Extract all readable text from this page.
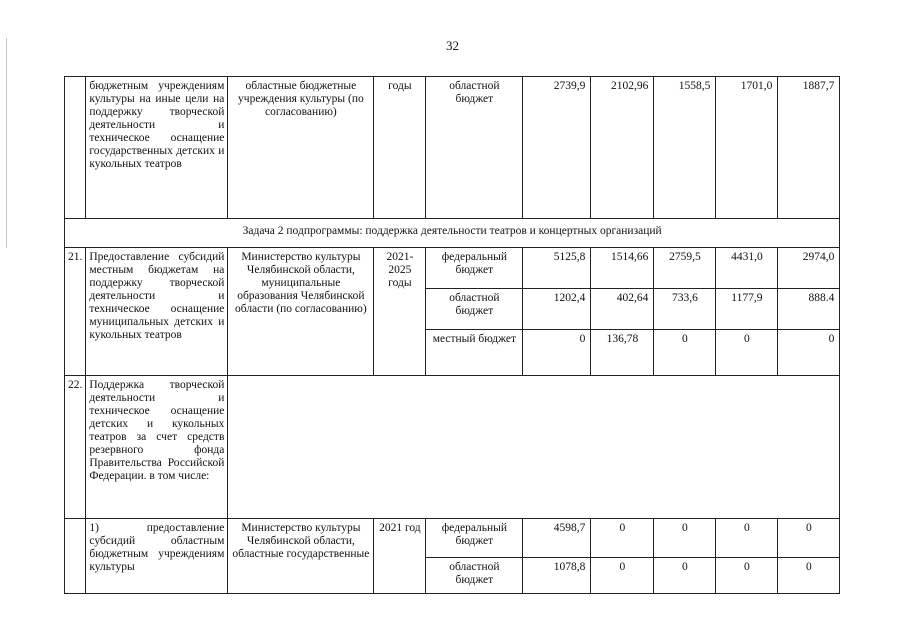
32
	бюджетным учреждениям культуры на иные цели на поддержку творческой деятельности и техническое оснащение государственных детских и кукольных театров	областные бюджетные учреждения культуры (по согласованию)	годы	областной бюджет	2739,9	2102,96	1558,5	1701,0	1887,7
Задача 2 подпрограммы: поддержка деятельности театров и концертных организаций									
21.	Предоставление субсидий местным бюджетам на поддержку творческой деятельности и техническое оснащение муниципальных детских и кукольных театров	Министерство культуры Челябинской области, муниципальные образования Челябинской области (по согласованию)	2021-2025 годы	федеральный бюджет	5125,8	1514,66	2759,5	4431,0	2974,0
				областной бюджет	1202,4	402,64	733,6	1177,9	888.4
				местный бюджет	0	136,78	0	0	0
22.	Поддержка творческой деятельности и техническое оснащение детских и кукольных театров за счет средств резервного фонда Правительства Российской Федерации. в том числе:								
	1) предоставление субсидий областным бюджетным учреждениям культуры	Министерство культуры Челябинской области, областные государственные	2021 год	федеральный бюджет	4598,7	0	0	0	0
				областной бюджет	1078,8	0	0	0	0
